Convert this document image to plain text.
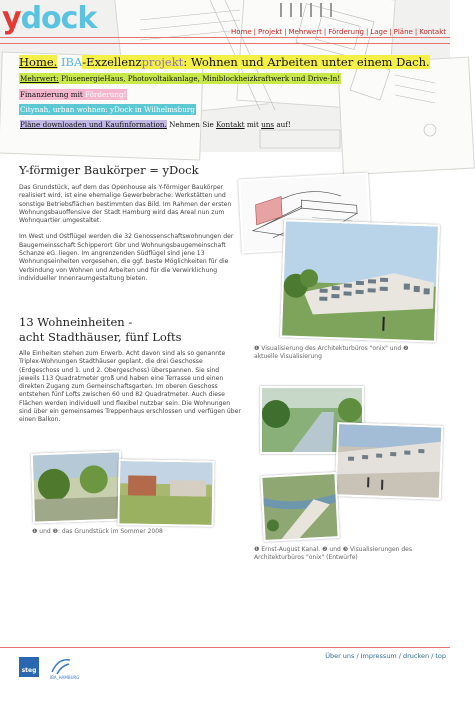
ydock	Home | Projekt | Mehrwert | Förderung | Lage | Pläne | Kontakt
Home. IBA-Exzellenzprojekt: Wohnen und Arbeiten unter einem Dach.
Mehrwert: PlusenergieHaus, Photovoltaikanlage, Miniblockheizkraftwerk und Drive-In!
Finanzierung mit Förderung!
Citynah, urban wohnen: yDock in Wilhelmsburg
Pläne downloaden und Kaufinformation. Nehmen Sie Kontakt mit uns auf!
Y-förmiger Baukörper = yDock

Das Grundstück, auf dem das Openhouse als Y-förmiger Baukörper realisiert wird, ist eine ehemalige Gewerbebrache: Werkstätten und sonstige Betriebsflächen bestimmten das Bild. Im Rahmen der ersten Wohnungsbauoffensive der Stadt Hamburg wird das Areal nun zum Wohnquartier umgestaltet.

Im West und Ostflügel werden die 32 Genossenschaftswohnungen der Baugemeinsschaft Schipperort Gbr und Wohnungsbaugemeinschaft Schanze eG. liegen. Im angrenzenden Südflügel sind jene 13 Wohnungseinheiten vorgesehen, die ggf. beste Möglichkeiten für die Verbindung von Wohnen und Arbeiten und für die Verwirklichung individueller Innenraumgestaltung bieten.

13 Wohneinheiten -
acht Stadthäuser, fünf Lofts

Alle Einheiten stehen zum Erwerb. Acht davon sind als so genannte Triplex-Wohnungen Stadthäuser geplant, die drei Geschosse (Erdgeschoss und 1. und 2. Obergeschoss) überspannen. Sie sind jeweils 113 Quadratmeter groß und haben eine Terrasse und einen direkten Zugang zum Gemeinschaftsgarten. Im oberen Geschoss entstehen fünf Lofts zwischen 60 und 82 Quadratmeter. Auch diese Flächen werden individuell und flexibel nutzbar sein. Die Wohnungen sind über ein gemeinsames Treppenhaus erschlossen und verfügen über einen Balkon.

❶ Visualisierung des Architekturbüros "onix" und ❷ aktuelle Visualisierung
❶ Ernst-August Kanal. ❷ und ❸ Visualisierungen des Architekturbüros "onix" (Entwürfe)
❶ und ❷: das Grundstück im Sommer 2008
Über uns / Impressum / drucken / top
steg
IBA_HAMBURG
